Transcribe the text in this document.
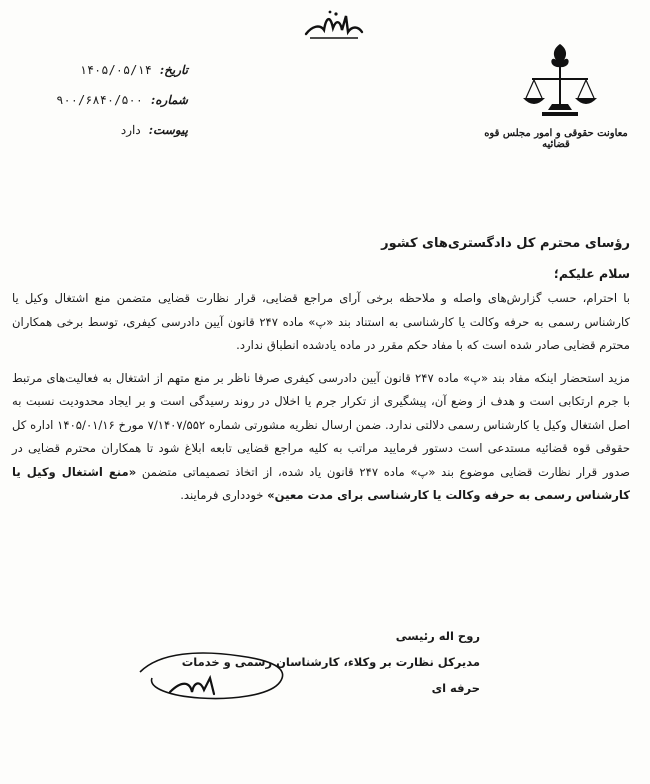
معاونت حقوقی و امور مجلس قوه قضائیه
تاریخ: ۱۴۰۵/۰۵/۱۴
شماره: ۹۰۰/۶۸۴۰/۵۰۰
پیوست: دارد
رؤسای محترم کل دادگستری‌های کشور
سلام علیکم؛

با احترام، حسب گزارش‌های واصله و ملاحظه برخی آرای مراجع قضایی، قرار نظارت قضایی متضمن منع اشتغال وکیل یا کارشناس رسمی به حرفه وکالت یا کارشناسی به استناد بند «پ» ماده ۲۴۷ قانون آیین دادرسی کیفری، توسط برخی همکاران محترم قضایی صادر شده است که با مفاد حکم مقرر در ماده یادشده انطباق ندارد.

مزید استحضار اینکه مفاد بند «پ» ماده ۲۴۷ قانون آیین دادرسی کیفری صرفا ناظر بر منع متهم از اشتغال به فعالیت‌های مرتبط با جرم ارتکابی است و هدف از وضع آن، پیشگیری از تکرار جرم یا اخلال در روند رسیدگی است و بر ایجاد محدودیت نسبت به اصل اشتغال وکیل یا کارشناس رسمی دلالتی ندارد. ضمن ارسال نظریه مشورتی شماره ۷/۱۴۰۷/۵۵۲ مورخ ۱۴۰۵/۰۱/۱۶ اداره کل حقوقی قوه قضائیه مستدعی است دستور فرمایید مراتب به کلیه مراجع قضایی تابعه ابلاغ شود تا همکاران محترم قضایی در صدور قرار نظارت قضایی موضوع بند «پ» ماده ۲۴۷ قانون یاد شده، از اتخاذ تصمیماتی متضمن «منع اشتغال وکیل یا کارشناس رسمی به حرفه وکالت یا کارشناسی برای مدت معین» خودداری فرمایند.

روح اله رئیسی
مدیرکل نظارت بر وکلاء، کارشناسان رسمی و خدمات حرفه ای
